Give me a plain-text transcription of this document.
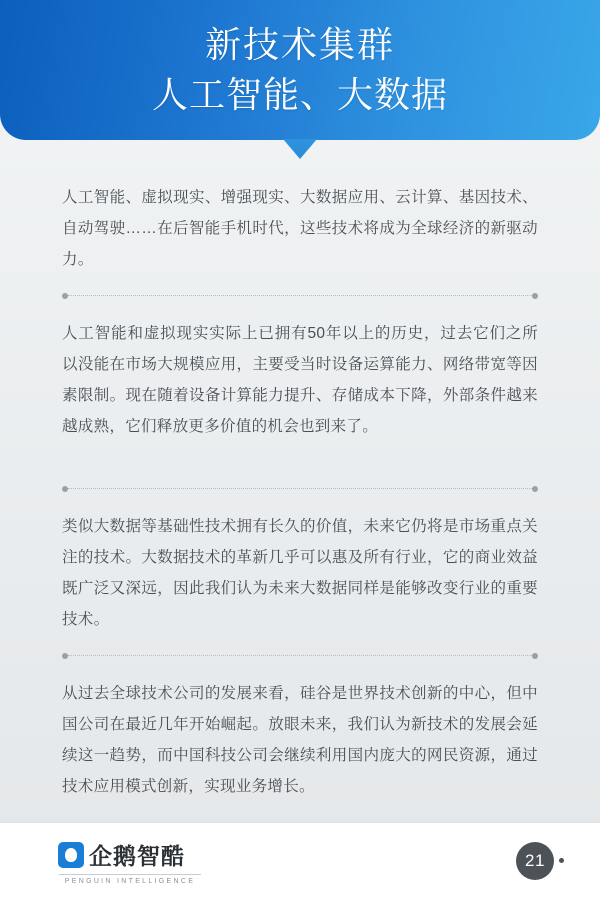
新技术集群
人工智能、大数据

人工智能、虚拟现实、增强现实、大数据应用、云计算、基因技术、自动驾驶……在后智能手机时代，这些技术将成为全球经济的新驱动力。

人工智能和虚拟现实实际上已拥有50年以上的历史，过去它们之所以没能在市场大规模应用，主要受当时设备运算能力、网络带宽等因素限制。现在随着设备计算能力提升、存储成本下降，外部条件越来越成熟，它们释放更多价值的机会也到来了。

类似大数据等基础性技术拥有长久的价值，未来它仍将是市场重点关注的技术。大数据技术的革新几乎可以惠及所有行业，它的商业效益既广泛又深远，因此我们认为未来大数据同样是能够改变行业的重要技术。

从过去全球技术公司的发展来看，硅谷是世界技术创新的中心，但中国公司在最近几年开始崛起。放眼未来，我们认为新技术的发展会延续这一趋势，而中国科技公司会继续利用国内庞大的网民资源，通过技术应用模式创新，实现业务增长。

企鹅智酷
PENGUIN INTELLIGENCE
21
